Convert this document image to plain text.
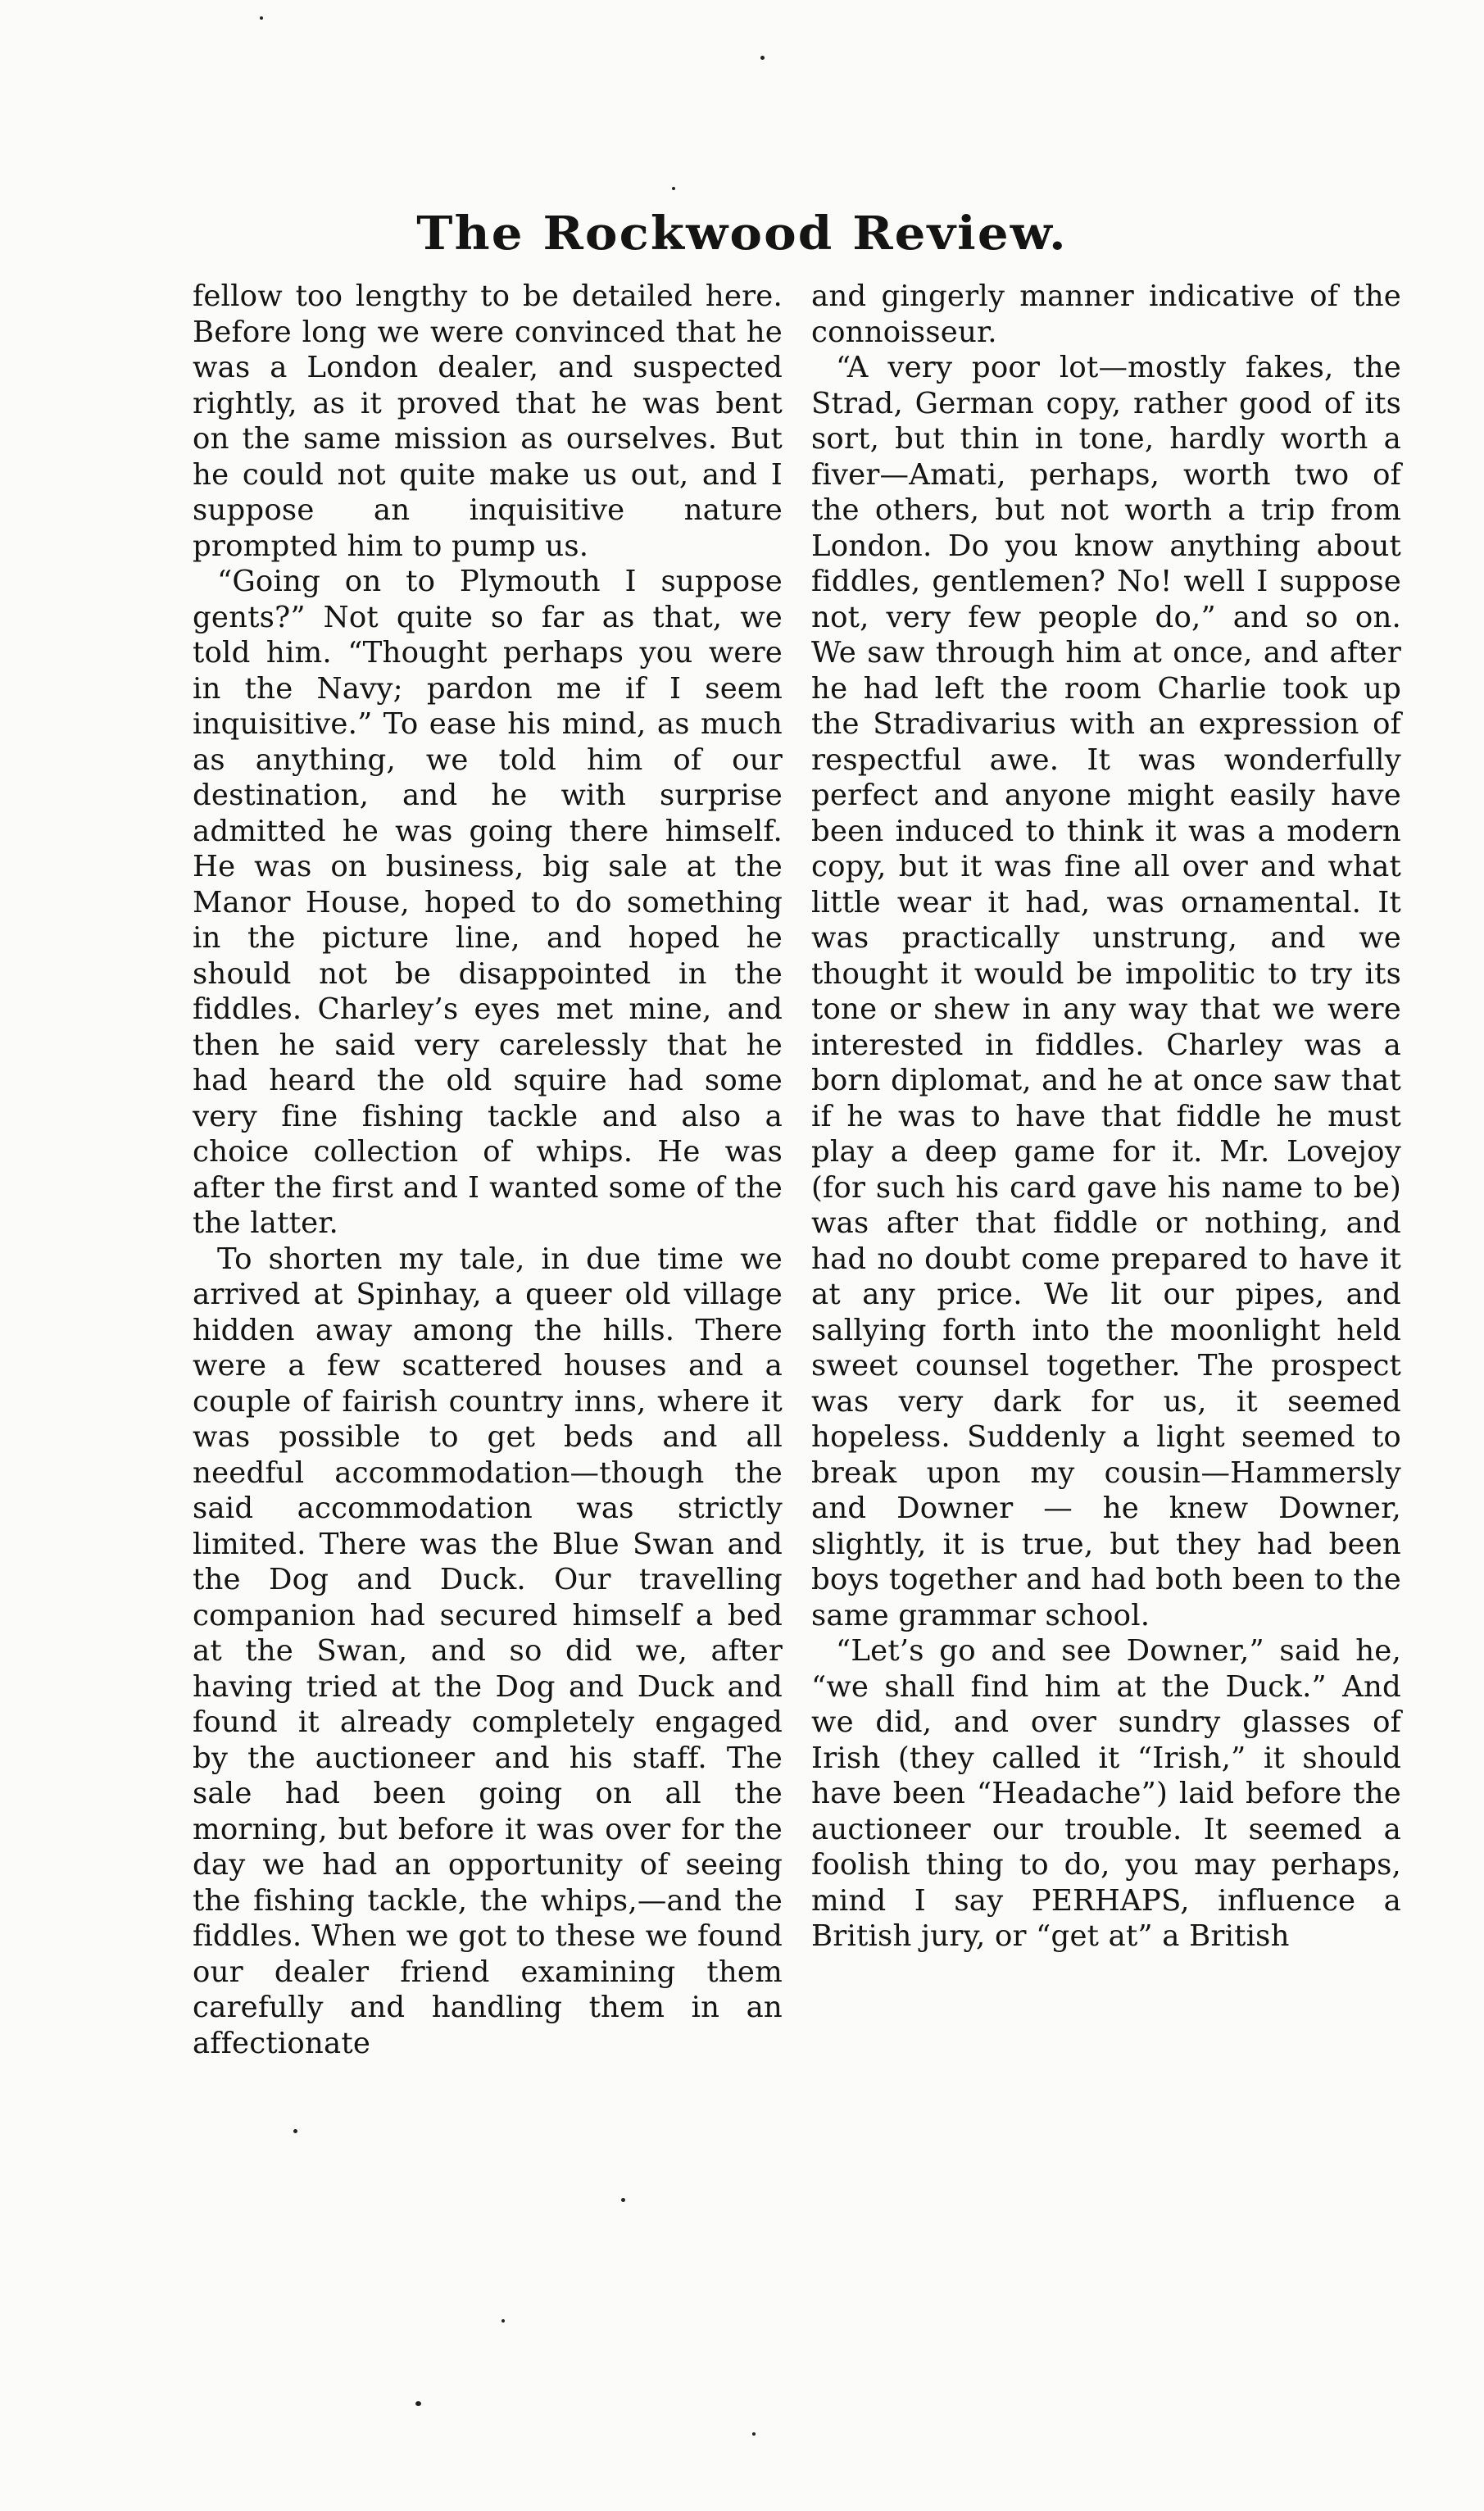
The Rockwood Review.

fellow too lengthy to be detailed here. Before long we were convinced that he was a London dealer, and suspected rightly, as it proved that he was bent on the same mission as ourselves. But he could not quite make us out, and I suppose an inquisitive nature prompted him to pump us.

“Going on to Plymouth I suppose gents?” Not quite so far as that, we told him. “Thought perhaps you were in the Navy; pardon me if I seem inquisitive.” To ease his mind, as much as anything, we told him of our destination, and he with surprise admitted he was going there himself. He was on business, big sale at the Manor House, hoped to do something in the picture line, and hoped he should not be disappointed in the fiddles. Charley’s eyes met mine, and then he said very carelessly that he had heard the old squire had some very fine fishing tackle and also a choice collection of whips. He was after the first and I wanted some of the the latter.

To shorten my tale, in due time we arrived at Spinhay, a queer old village hidden away among the hills. There were a few scattered houses and a couple of fairish country inns, where it was possible to get beds and all needful accommodation—though the said accommodation was strictly limited. There was the Blue Swan and the Dog and Duck. Our travelling companion had secured himself a bed at the Swan, and so did we, after having tried at the Dog and Duck and found it already completely engaged by the auctioneer and his staff. The sale had been going on all the morning, but before it was over for the day we had an opportunity of seeing the fishing tackle, the whips,—and the fiddles. When we got to these we found our dealer friend examining them carefully and handling them in an affectionate

and gingerly manner indicative of the connoisseur.

“A very poor lot—mostly fakes, the Strad, German copy, rather good of its sort, but thin in tone, hardly worth a fiver—Amati, perhaps, worth two of the others, but not worth a trip from London. Do you know anything about fiddles, gentlemen? No! well I suppose not, very few people do,” and so on. We saw through him at once, and after he had left the room Charlie took up the Stradivarius with an expression of respectful awe. It was wonderfully perfect and anyone might easily have been induced to think it was a modern copy, but it was fine all over and what little wear it had, was ornamental. It was practically unstrung, and we thought it would be impolitic to try its tone or shew in any way that we were interested in fiddles. Charley was a born diplomat, and he at once saw that if he was to have that fiddle he must play a deep game for it. Mr. Lovejoy (for such his card gave his name to be) was after that fiddle or nothing, and had no doubt come prepared to have it at any price. We lit our pipes, and sallying forth into the moonlight held sweet counsel together. The prospect was very dark for us, it seemed hopeless. Suddenly a light seemed to break upon my cousin—Hammersly and Downer — he knew Downer, slightly, it is true, but they had been boys together and had both been to the same grammar school.

“Let’s go and see Downer,” said he, “we shall find him at the Duck.” And we did, and over sundry glasses of Irish (they called it “Irish,” it should have been “Headache”) laid before the auctioneer our trouble. It seemed a foolish thing to do, you may perhaps, mind I say PERHAPS, influence a British jury, or “get at” a British
